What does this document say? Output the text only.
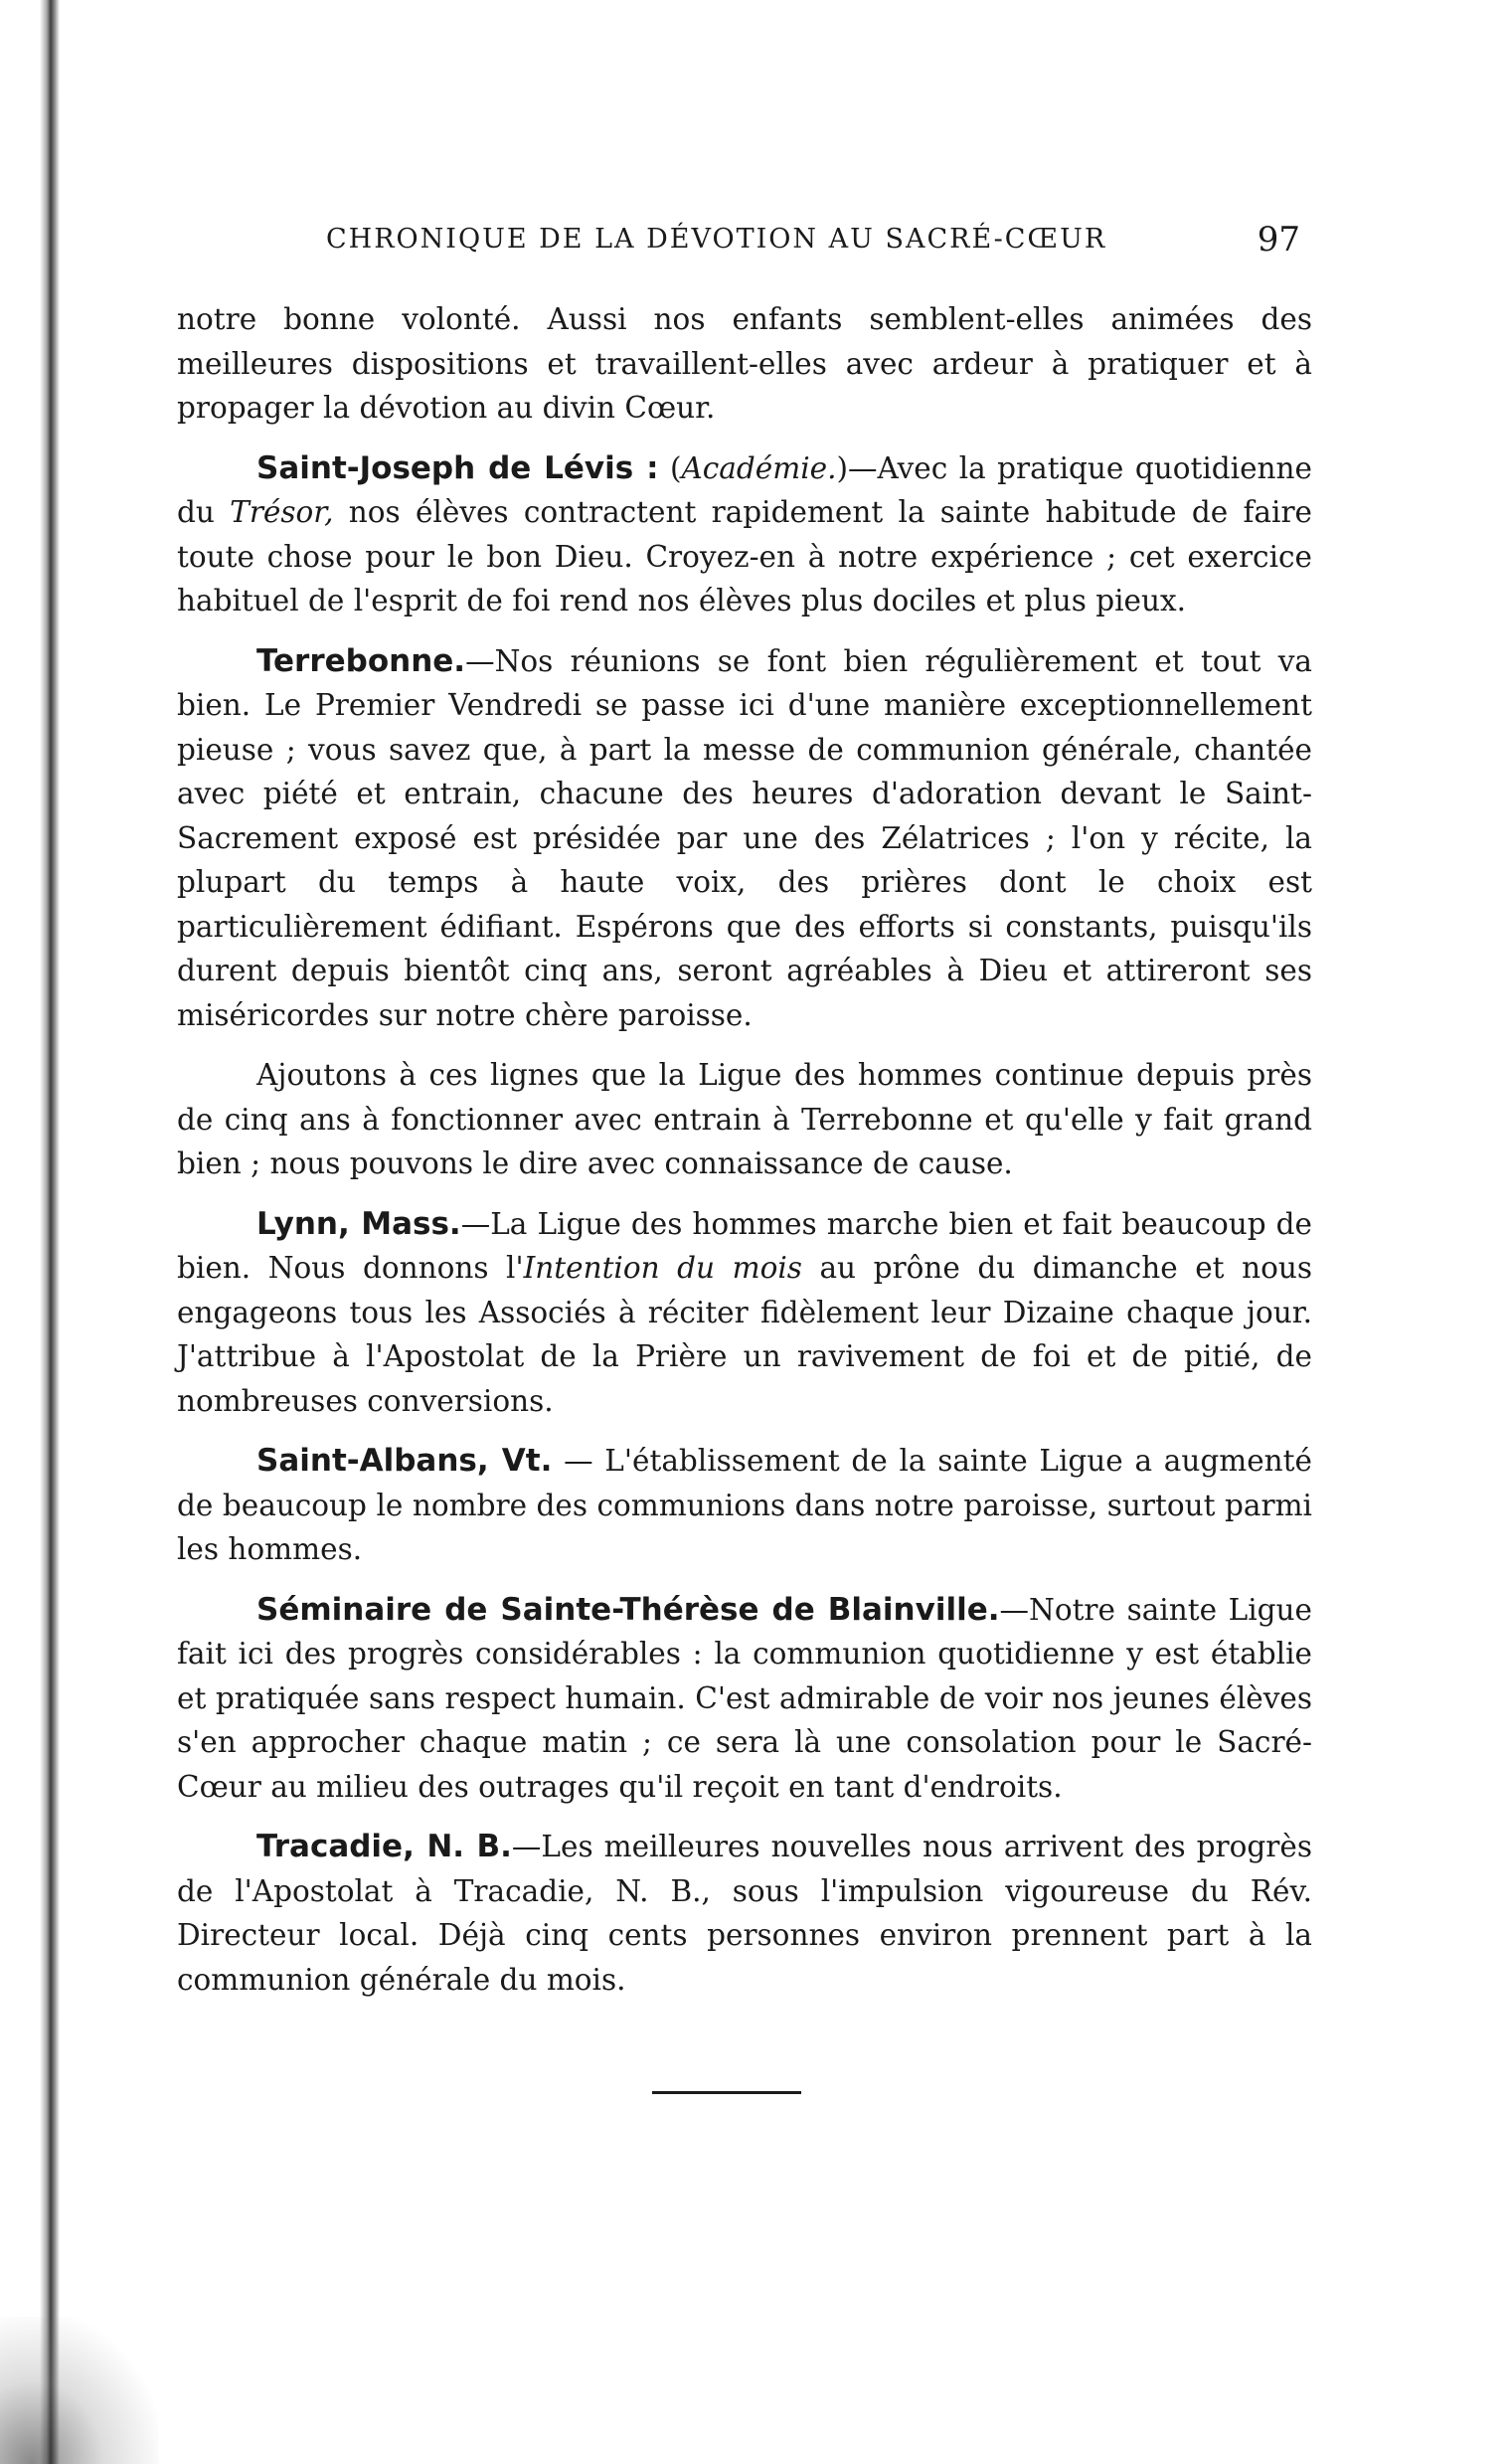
CHRONIQUE DE LA DÉVOTION AU SACRÉ-CŒUR	97

notre bonne volonté. Aussi nos enfants semblent-elles animées des meilleures dispositions et travaillent-elles avec ardeur à pratiquer et à propager la dévotion au divin Cœur.

Saint-Joseph de Lévis : (Académie.)—Avec la pratique quotidienne du Trésor, nos élèves contractent rapidement la sainte habitude de faire toute chose pour le bon Dieu. Croyez-en à notre expérience ; cet exercice habituel de l'esprit de foi rend nos élèves plus dociles et plus pieux.

Terrebonne.—Nos réunions se font bien régulièrement et tout va bien. Le Premier Vendredi se passe ici d'une manière exceptionnellement pieuse ; vous savez que, à part la messe de communion générale, chantée avec piété et entrain, chacune des heures d'adoration devant le Saint-Sacrement exposé est présidée par une des Zélatrices ; l'on y récite, la plupart du temps à haute voix, des prières dont le choix est particulièrement édifiant. Espérons que des efforts si constants, puisqu'ils durent depuis bientôt cinq ans, seront agréables à Dieu et attireront ses miséricordes sur notre chère paroisse.

Ajoutons à ces lignes que la Ligue des hommes continue depuis près de cinq ans à fonctionner avec entrain à Terrebonne et qu'elle y fait grand bien ; nous pouvons le dire avec connaissance de cause.

Lynn, Mass.—La Ligue des hommes marche bien et fait beaucoup de bien. Nous donnons l'Intention du mois au prône du dimanche et nous engageons tous les Associés à réciter fidèlement leur Dizaine chaque jour. J'attribue à l'Apostolat de la Prière un ravivement de foi et de pitié, de nombreuses conversions.

Saint-Albans, Vt. — L'établissement de la sainte Ligue a augmenté de beaucoup le nombre des communions dans notre paroisse, surtout parmi les hommes.

Séminaire de Sainte-Thérèse de Blainville.—Notre sainte Ligue fait ici des progrès considérables : la communion quotidienne y est établie et pratiquée sans respect humain. C'est admirable de voir nos jeunes élèves s'en approcher chaque matin ; ce sera là une consolation pour le Sacré-Cœur au milieu des outrages qu'il reçoit en tant d'endroits.

Tracadie, N. B.—Les meilleures nouvelles nous arrivent des progrès de l'Apostolat à Tracadie, N. B., sous l'impulsion vigoureuse du Rév. Directeur local. Déjà cinq cents personnes environ prennent part à la communion générale du mois.
